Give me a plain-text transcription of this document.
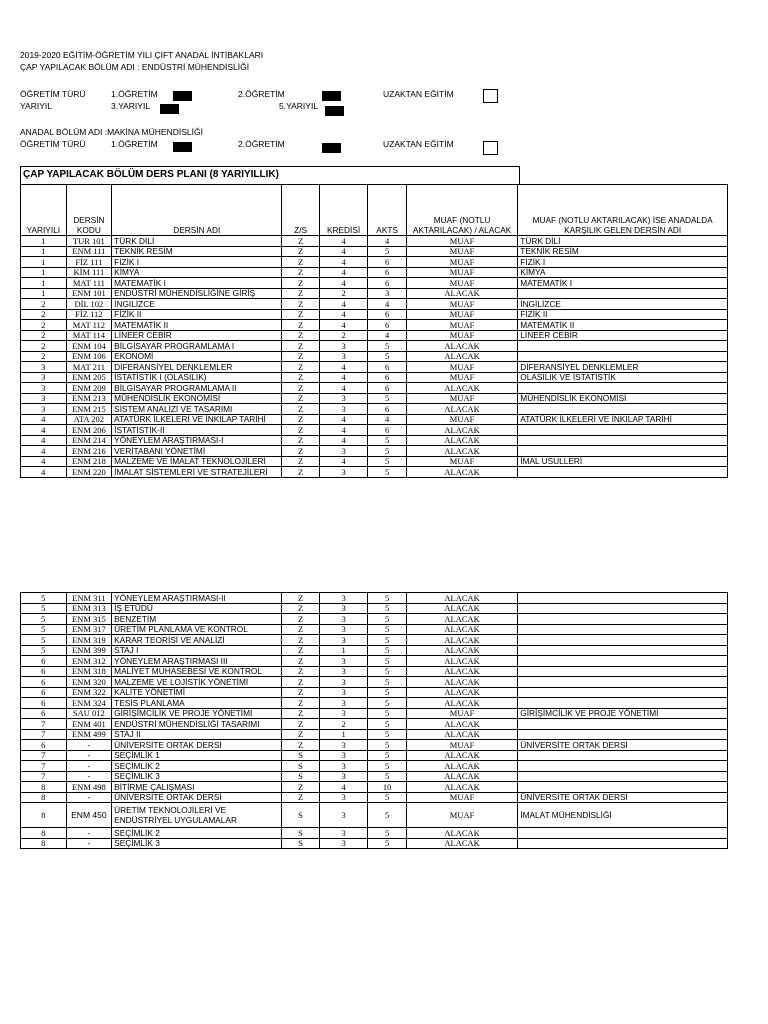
2019-2020 EĞİTİM-ÖĞRETİM YILI ÇİFT ANADAL İNTİBAKLARI
ÇAP YAPILACAK BÖLÜM ADI : ENDÜSTRİ MÜHENDİSLİĞİ
ÖĞRETİM TÜRÜ	1.ÖĞRETİM	2.ÖĞRETİM	UZAKTAN EĞİTİM
YARIYIL	3.YARIYIL	5.YARIYIL
ANADAL BÖLÜM ADI :MAKİNA MÜHENDİSLİĞİ
ÖĞRETİM TÜRÜ	1.ÖĞRETİM	2.ÖĞRETİM	UZAKTAN EĞİTİM
ÇAP YAPILACAK BÖLÜM DERS PLANI (8 YARIYILLIK)
YARIYILI	DERSİN KODU	DERSİN ADI	Z/S	KREDİSİ	AKTS	MUAF (NOTLU AKTARILACAK) / ALACAK	MUAF (NOTLU AKTARILACAK) İSE ANADALDA KARŞILIK GELEN DERSİN ADI
1	TUR 101	TÜRK DİLİ	Z	4	4	MUAF	TÜRK DİLİ
1	ENM 111	TEKNİK RESİM	Z	4	5	MUAF	TEKNİK RESİM
1	FİZ 111	FİZİK I	Z	4	6	MUAF	FİZİK I
1	KİM 111	KİMYA	Z	4	6	MUAF	KİMYA
1	MAT 111	MATEMATİK I	Z	4	6	MUAF	MATEMATİK I
1	ENM 101	ENDÜSTRİ MÜHENDİSLİĞİNE GİRİŞ	Z	2	3	ALACAK	
2	DİL 102	İNGİLİZCE	Z	4	4	MUAF	İNGİLİZCE
2	FİZ 112	FİZİK II	Z	4	6	MUAF	FİZİK II
2	MAT 112	MATEMATİK II	Z	4	6	MUAF	MATEMATİK II
2	MAT 114	LİNEER CEBİR	Z	2	4	MUAF	LİNEER CEBİR
2	ENM 104	BİLGİSAYAR PROGRAMLAMA I	Z	3	5	ALACAK	
2	ENM 106	EKONOMİ	Z	3	5	ALACAK	
3	MAT 211	DİFERANSİYEL DENKLEMLER	Z	4	6	MUAF	DİFERANSİYEL DENKLEMLER
3	ENM 205	İSTATİSTİK I (OLASILIK)	Z	4	6	MUAF	OLASILIK VE İSTATİSTİK
3	ENM 209	BİLGİSAYAR PROGRAMLAMA II	Z	4	6	ALACAK	
3	ENM 213	MÜHENDİSLİK EKONOMİSİ	Z	3	5	MUAF	MÜHENDİSLİK EKONOMİSİ
3	ENM 215	SİSTEM ANALİZİ VE TASARIMI	Z	3	6	ALACAK	
4	ATA 202	ATATÜRK İLKELERİ VE İNKILAP TARİHİ	Z	4	4	MUAF	ATATÜRK İLKELERİ VE İNKILAP TARİHİ
4	ENM 206	İSTATİSTİK-II	Z	4	6	ALACAK	
4	ENM 214	YÖNEYLEM ARAŞTIRMASI-I	Z	4	5	ALACAK	
4	ENM 216	VERİTABANI YÖNETİMİ	Z	3	5	ALACAK	
4	ENM 218	MALZEME VE İMALAT TEKNOLOJİLERİ	Z	4	5	MUAF	İMAL USULLERİ
4	ENM 220	İMALAT SİSTEMLERİ VE STRATEJİLERİ	Z	3	5	ALACAK	
5	ENM 311	YÖNEYLEM ARAŞTIRMASI-II	Z	3	5	ALACAK	
5	ENM 313	İŞ ETÜDÜ	Z	3	5	ALACAK	
5	ENM 315	BENZETİM	Z	3	5	ALACAK	
5	ENM 317	ÜRETİM PLANLAMA VE KONTROL	Z	3	5	ALACAK	
5	ENM 319	KARAR TEORİSİ VE ANALİZİ	Z	3	5	ALACAK	
5	ENM 399	STAJ I	Z	1	5	ALACAK	
6	ENM 312	YÖNEYLEM ARAŞTIRMASI III	Z	3	5	ALACAK	
6	ENM 318	MALİYET MUHASEBESİ VE KONTROL	Z	3	5	ALACAK	
6	ENM 320	MALZEME VE LOJİSTİK YÖNETİMİ	Z	3	5	ALACAK	
6	ENM 322	KALİTE YÖNETİMİ	Z	3	5	ALACAK	
6	ENM 324	TESİS PLANLAMA	Z	3	5	ALACAK	
6	SAU 012	GİRİŞİMCİLİK VE PROJE YÖNETİMİ	Z	3	5	MUAF	GİRİŞİMCİLİK VE PROJE YÖNETİMİ
7	ENM 401	ENDÜSTRİ MÜHENDİSLİĞİ TASARIMI	Z	2	5	ALACAK	
7	ENM 499	STAJ II	Z	1	5	ALACAK	
6	-	ÜNİVERSİTE ORTAK DERSİ	Z	3	5	MUAF	ÜNİVERSİTE ORTAK DERSİ
7	-	SEÇİMLİK 1	S	3	5	ALACAK	
7	-	SEÇİMLİK 2	S	3	5	ALACAK	
7	-	SEÇİMLİK 3	S	3	5	ALACAK	
8	ENM 498	BİTİRME ÇALIŞMASI	Z	4	10	ALACAK	
8	-	ÜNİVERSİTE ORTAK DERSİ	Z	3	5	MUAF	ÜNİVERSİTE ORTAK DERSİ
8	ENM 450	ÜRETİM TEKNOLOJİLERİ VE ENDÜSTRİYEL UYGULAMALAR	S	3	5	MUAF	İMALAT MÜHENDİSLİĞİ
8	-	SEÇİMLİK 2	S	3	5	ALACAK	
8	-	SEÇİMLİK 3	S	3	5	ALACAK	
